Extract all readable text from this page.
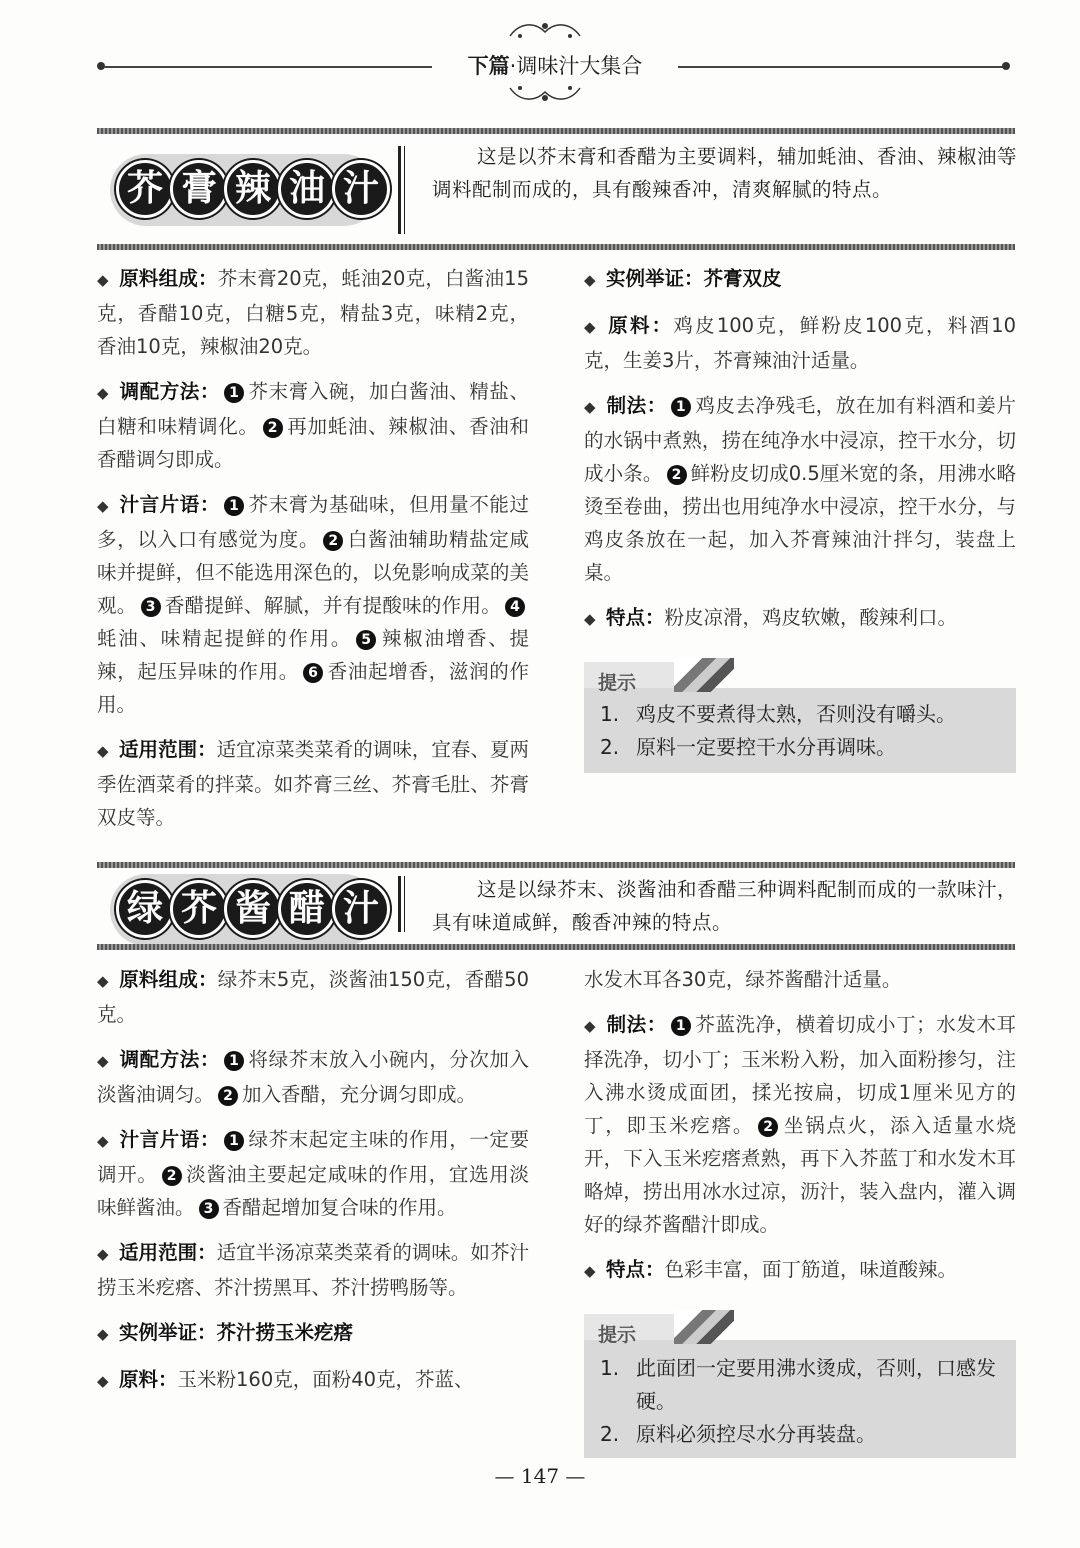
下篇·调味汁大集合
芥 膏 辣 油 汁
这是以芥末膏和香醋为主要调料，辅加蚝油、香油、辣椒油等调料配制而成的，具有酸辣香冲，清爽解腻的特点。

◆ 原料组成：芥末膏20克，蚝油20克，白酱油15克，香醋10克，白糖5克，精盐3克，味精2克，香油10克，辣椒油20克。

◆ 调配方法： 1 芥末膏入碗，加白酱油、精盐、白糖和味精调化。 2 再加蚝油、辣椒油、香油和香醋调匀即成。

◆ 汁言片语： 1 芥末膏为基础味，但用量不能过多，以入口有感觉为度。 2 白酱油辅助精盐定咸味并提鲜，但不能选用深色的，以免影响成菜的美观。 3 香醋提鲜、解腻，并有提酸味的作用。 4蚝油、味精起提鲜的作用。 5 辣椒油增香、提辣，起压异味的作用。 6 香油起增香，滋润的作用。

◆ 适用范围：适宜凉菜类菜肴的调味，宜春、夏两季佐酒菜肴的拌菜。如芥膏三丝、芥膏毛肚、芥膏双皮等。

◆ 实例举证：芥膏双皮

◆ 原料：鸡皮100克，鲜粉皮100克，料酒10克，生姜3片，芥膏辣油汁适量。

◆ 制法： 1 鸡皮去净残毛，放在加有料酒和姜片的水锅中煮熟，捞在纯净水中浸凉，控干水分，切成小条。 2 鲜粉皮切成0.5厘米宽的条，用沸水略烫至卷曲，捞出也用纯净水中浸凉，控干水分，与鸡皮条放在一起，加入芥膏辣油汁拌匀，装盘上桌。

◆ 特点：粉皮凉滑，鸡皮软嫩，酸辣利口。

提示
1. 鸡皮不要煮得太熟，否则没有嚼头。
2. 原料一定要控干水分再调味。
绿 芥 酱 醋 汁	这是以绿芥末、淡酱油和香醋三种调料配制而成的一款味汁，具有味道咸鲜，酸香冲辣的特点。

◆ 原料组成：绿芥末5克，淡酱油150克，香醋50克。

◆ 调配方法： 1 将绿芥末放入小碗内，分次加入淡酱油调匀。 2 加入香醋，充分调匀即成。

◆ 汁言片语： 1 绿芥末起定主味的作用，一定要调开。 2 淡酱油主要起定咸味的作用，宜选用淡味鲜酱油。 3 香醋起增加复合味的作用。

◆ 适用范围：适宜半汤凉菜类菜肴的调味。如芥汁捞玉米疙瘩、芥汁捞黑耳、芥汁捞鸭肠等。

◆ 实例举证：芥汁捞玉米疙瘩

◆ 原料：玉米粉160克，面粉40克，芥蓝、

水发木耳各30克，绿芥酱醋汁适量。

◆ 制法： 1 芥蓝洗净，横着切成小丁；水发木耳择洗净，切小丁；玉米粉入粉，加入面粉掺匀，注入沸水烫成面团，揉光按扁，切成1厘米见方的丁，即玉米疙瘩。 2 坐锅点火，添入适量水烧开，下入玉米疙瘩煮熟，再下入芥蓝丁和水发木耳略焯，捞出用冰水过凉，沥汁，装入盘内，灌入调好的绿芥酱醋汁即成。

◆ 特点：色彩丰富，面丁筋道，味道酸辣。

提示
1. 此面团一定要用沸水烫成，否则，口感发硬。
2. 原料必须控尽水分再装盘。
— 147 —
